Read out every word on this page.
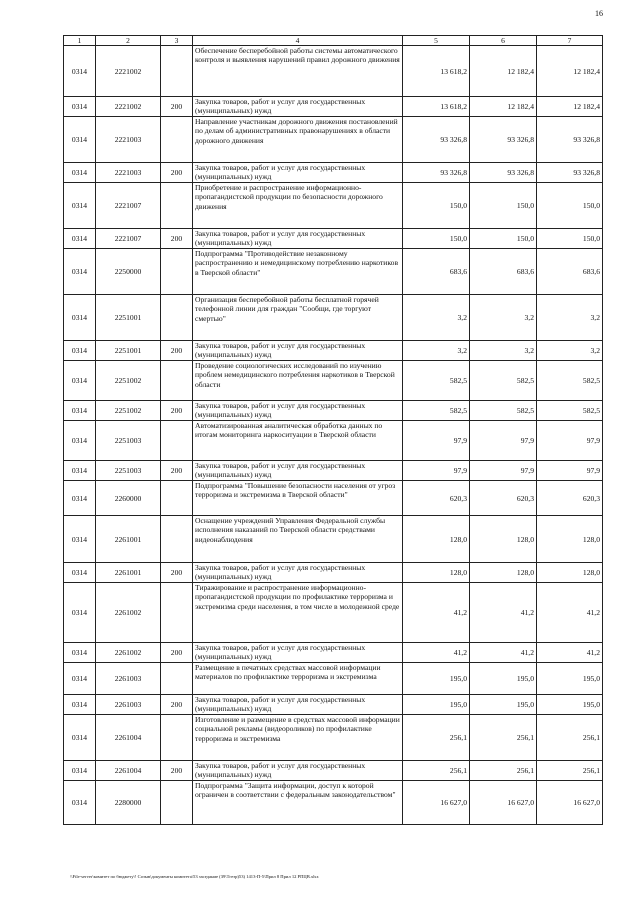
16
1	2	3	4	5	6	7
0314	2221002		Обеспечение бесперебойной работы системы автоматического контроля и выявления нарушений правил дорожного движения	13 618,2	12 182,4	12 182,4
0314	2221002	200	Закупка товаров, работ и услуг для государственных (муниципальных) нужд	13 618,2	12 182,4	12 182,4
0314	2221003		Направление участникам дорожного движения постановлений по делам об административных правонарушениях в области дорожного движения	93 326,8	93 326,8	93 326,8
0314	2221003	200	Закупка товаров, работ и услуг для государственных (муниципальных) нужд	93 326,8	93 326,8	93 326,8
0314	2221007		Приобретение и распространение информационно-пропагандистской продукции по безопасности дорожного движения	150,0	150,0	150,0
0314	2221007	200	Закупка товаров, работ и услуг для государственных (муниципальных) нужд	150,0	150,0	150,0
0314	2250000		Подпрограмма "Противодействие незаконному распространению и немедицинскому потреблению наркотиков в Тверской области"	683,6	683,6	683,6
0314	2251001		Организация бесперебойной работы бесплатной горячей телефонной линии для граждан "Сообщи, где торгуют смертью"	3,2	3,2	3,2
0314	2251001	200	Закупка товаров, работ и услуг для государственных (муниципальных) нужд	3,2	3,2	3,2
0314	2251002		Проведение социологических исследований по изучению проблем немедицинского потребления наркотиков в Тверской области	582,5	582,5	582,5
0314	2251002	200	Закупка товаров, работ и услуг для государственных (муниципальных) нужд	582,5	582,5	582,5
0314	2251003		Автоматизированная аналитическая обработка данных по итогам мониторинга наркоситуации в Тверской области	97,9	97,9	97,9
0314	2251003	200	Закупка товаров, работ и услуг для государственных (муниципальных) нужд	97,9	97,9	97,9
0314	2260000		Подпрограмма "Повышение безопасности населения от угроз терроризма и экстремизма в Тверской области"	620,3	620,3	620,3
0314	2261001		Оснащение учреждений Управления Федеральной службы исполнения наказаний по Тверской области средствами видеонаблюдения	128,0	128,0	128,0
0314	2261001	200	Закупка товаров, работ и услуг для государственных (муниципальных) нужд	128,0	128,0	128,0
0314	2261002		Тиражирование и распространение информационно-пропагандистской продукции по профилактике терроризма и экстремизма среди населения, в том числе в молодежной среде	41,2	41,2	41,2
0314	2261002	200	Закупка товаров, работ и услуг для государственных (муниципальных) нужд	41,2	41,2	41,2
0314	2261003		Размещение в печатных средствах массовой информации материалов по профилактике терроризма и экстремизма	195,0	195,0	195,0
0314	2261003	200	Закупка товаров, работ и услуг для государственных (муниципальных) нужд	195,0	195,0	195,0
0314	2261004		Изготовление и размещение в средствах массовой информации социальной рекламы (видеороликов) по профилактике терроризма и экстремизма	256,1	256,1	256,1
0314	2261004	200	Закупка товаров, работ и услуг для государственных (муниципальных) нужд	256,1	256,1	256,1
0314	2280000		Подпрограмма "Защита информации, доступ к которой ограничен в соответствии с федеральным законодательством"	16 627,0	16 627,0	16 627,0
\\File-server\комитет по бюджету\! Созыв\документы комитета\53 заседание (39\Тгезр)53) 1413-П-5\Прил 8 Прил 12 РПЦВ.xlsx
